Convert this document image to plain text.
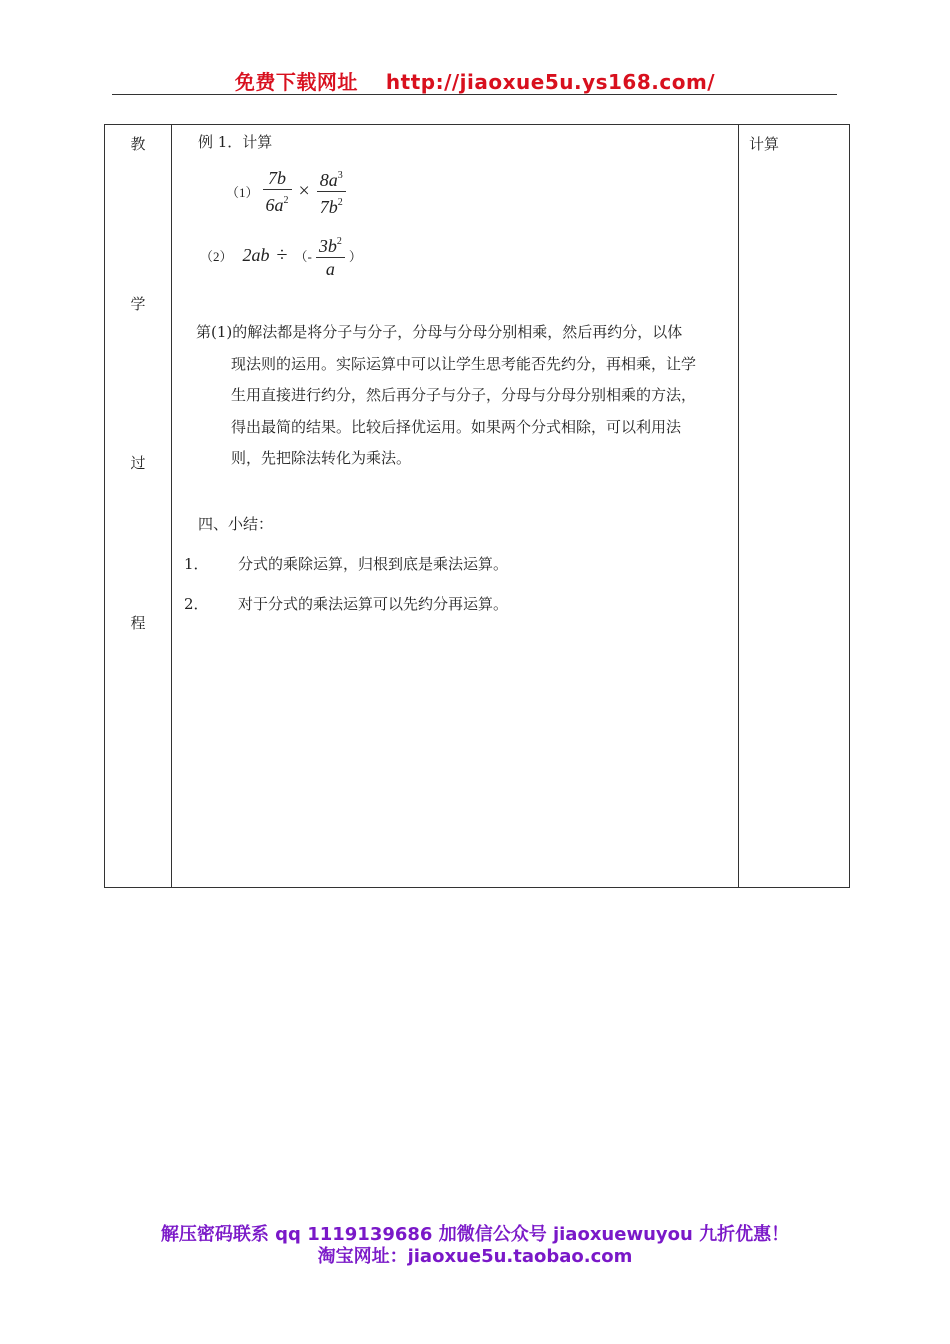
免费下载网址 http://jiaoxue5u.ys168.com/
教
学
过
程

例 1．计算
$(1) \frac{7b}{6a^2} \times \frac{8a^3}{7b^2}$
（2） 2ab ÷ （- $\frac{3b^2}{a}$ ）
第(1)的解法都是将分子与分子，分母与分母分别相乘，然后再约分，以体
现法则的运用。实际运算中可以让学生思考能否先约分，再相乘，让学
生用直接进行约分，然后再分子与分子，分母与分母分别相乘的方法，
得出最简的结果。比较后择优运用。如果两个分式相除，可以利用法
则，先把除法转化为乘法。
四、小结：
1． 分式的乘除运算，归根到底是乘法运算。
2． 对于分式的乘法运算可以先约分再运算。

计算
解压密码联系 qq 1119139686 加微信公众号 jiaoxuewuyou 九折优惠！
淘宝网址：jiaoxue5u.taobao.com
